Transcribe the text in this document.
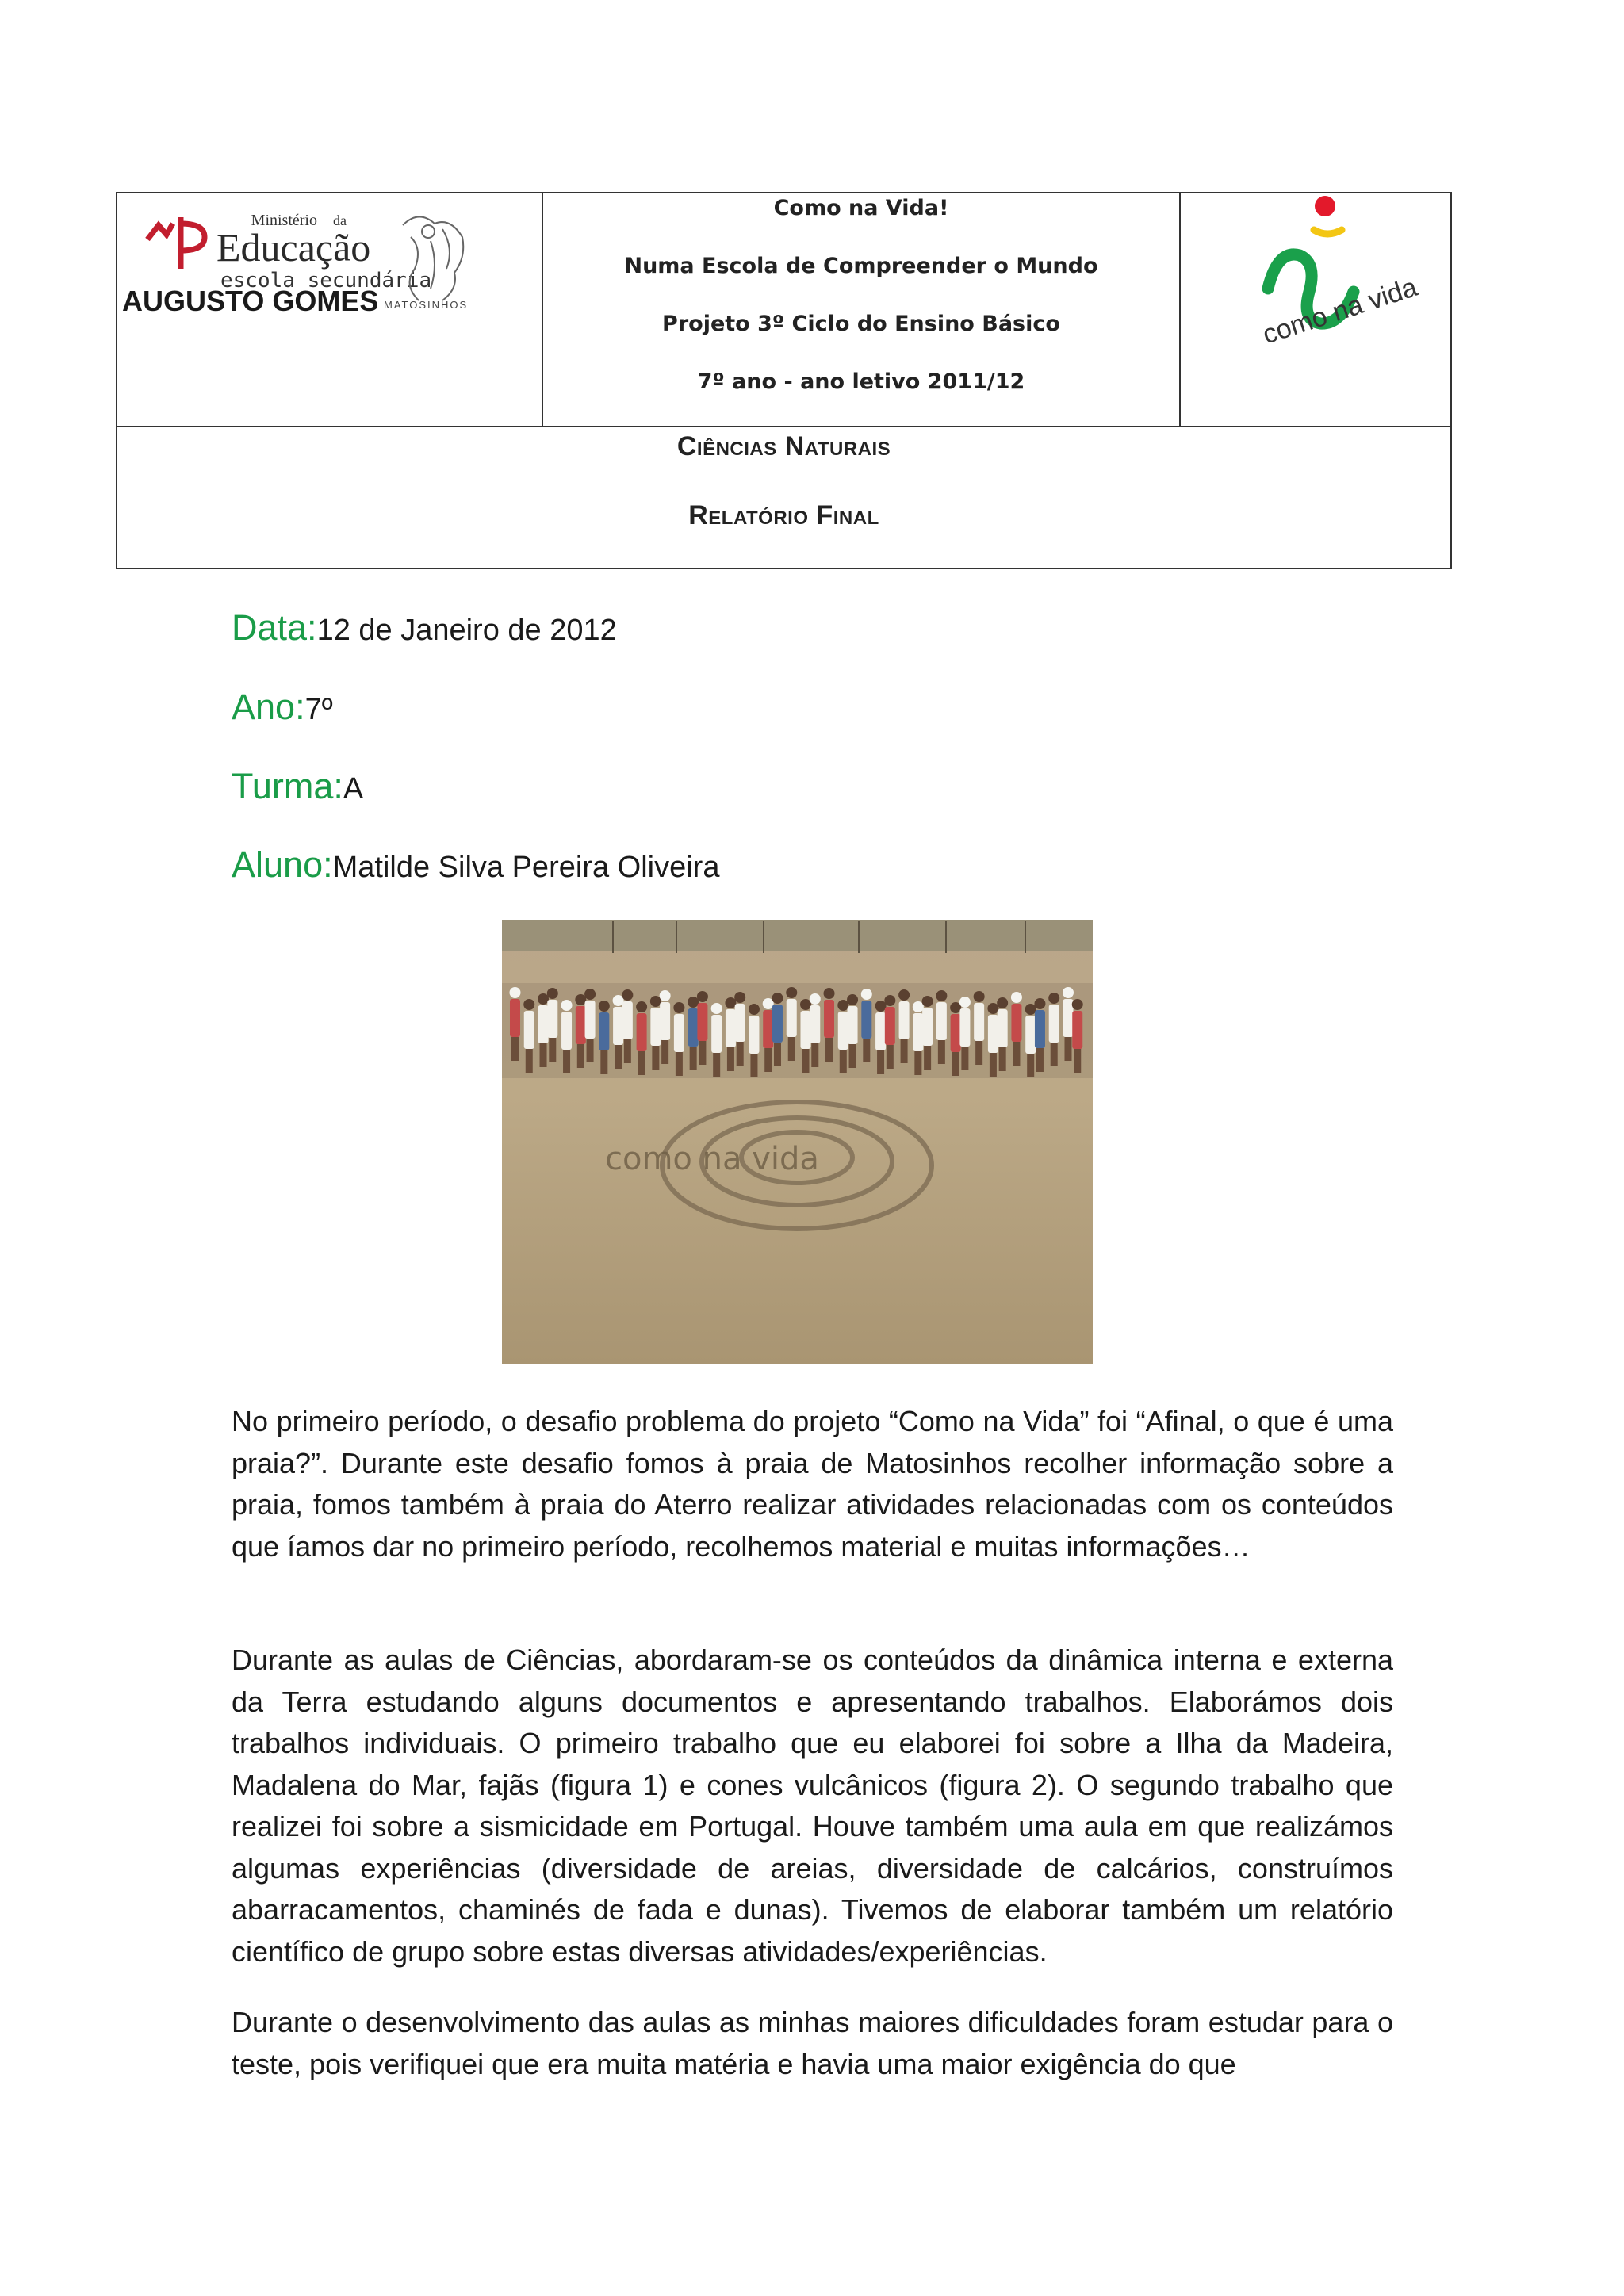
Ministério da
Educação
escola secundária
AUGUSTO GOMES MATOSINHOS
Como na Vida!
Numa Escola de Compreender o Mundo
Projeto 3º Ciclo do Ensino Básico
7º ano - ano letivo 2011/12
como na vida
Ciências Naturais
Relatório Final
Data:12 de Janeiro de 2012
Ano:7º
Turma:A
Aluno:Matilde Silva Pereira Oliveira
como na vida

No primeiro período, o desafio problema do projeto “Como na Vida” foi “Afinal, o que é uma praia?”. Durante este desafio fomos à praia de Matosinhos recolher informação sobre a praia, fomos também à praia do Aterro realizar atividades relacionadas com os conteúdos que íamos dar no primeiro período, recolhemos material e muitas informações…

Durante as aulas de Ciências, abordaram-se os conteúdos da dinâmica interna e externa da Terra estudando alguns documentos e apresentando trabalhos. Elaborámos dois trabalhos individuais. O primeiro trabalho que eu elaborei foi sobre a Ilha da Madeira, Madalena do Mar, fajãs (figura 1) e cones vulcânicos (figura 2). O segundo trabalho que realizei foi sobre a sismicidade em Portugal. Houve também uma aula em que realizámos algumas experiências (diversidade de areias, diversidade de calcários, construímos abarracamentos, chaminés de fada e dunas). Tivemos de elaborar também um relatório científico de grupo sobre estas diversas atividades/experiências.

Durante o desenvolvimento das aulas as minhas maiores dificuldades foram estudar para o teste, pois verifiquei que era muita matéria e havia uma maior exigência do que
